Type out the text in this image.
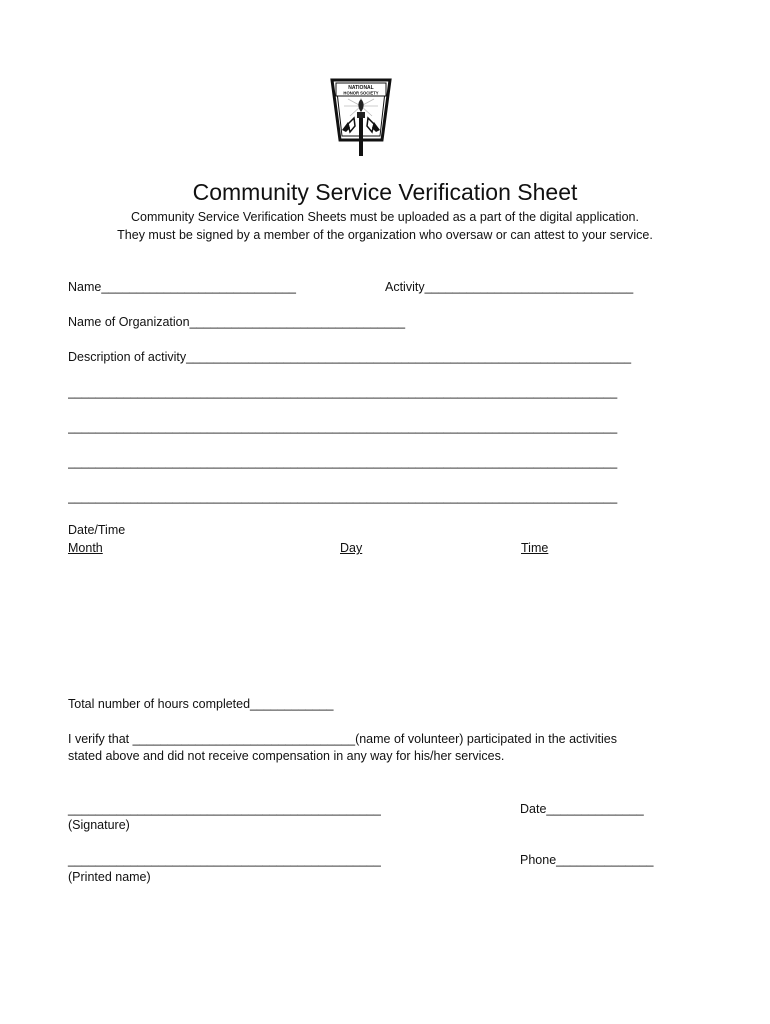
NATIONAL
HONOR SOCIETY
Community Service Verification Sheet
Community Service Verification Sheets must be uploaded as a part of the digital application.
They must be signed by a member of the organization who oversaw or can attest to your service.
Name____________________________	Activity______________________________
Name of Organization_______________________________
Description of activity________________________________________________________________
_______________________________________________________________________________
_______________________________________________________________________________
_______________________________________________________________________________
_______________________________________________________________________________
Date/Time
Month	Day	Time
Total number of hours completed____________
I verify that ________________________________(name of volunteer) participated in the activities
stated above and did not receive compensation in any way for his/her services.
_____________________________________________	Date______________
(Signature)
_____________________________________________	Phone______________
(Printed name)
